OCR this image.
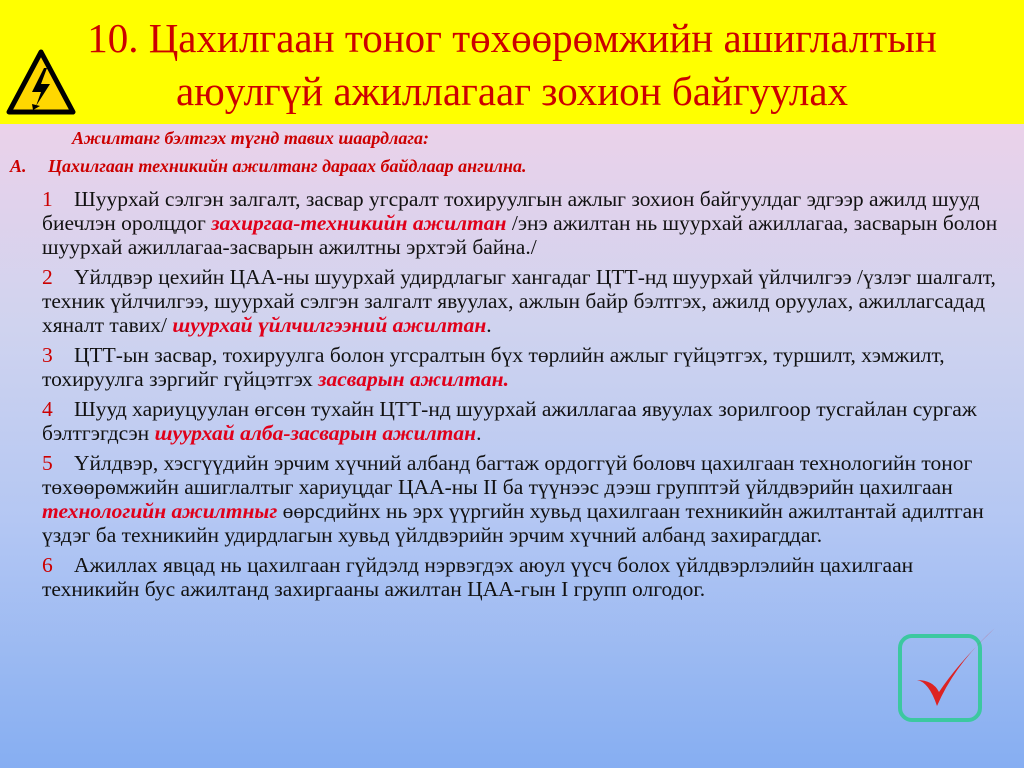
10. Цахилгаан тоног төхөөрөмжийн ашиглалтын
аюулгүй ажиллагааг зохион байгуулах

Ажилтанг бэлтгэх түгнд тавих шаардлага:

А. Цахилгаан техникийн ажилтанг дараах байдлаар ангилна.

1 Шуурхай сэлгэн залгалт, засвар угсралт тохируулгын ажлыг зохион байгуулдаг эдгээр ажилд шууд биечлэн оролцдог захиргаа-техникийн ажилтан /энэ ажилтан нь шуурхай ажиллагаа, засварын болон шуурхай ажиллагаа-засварын ажилтны эрхтэй байна./

2 Үйлдвэр цехийн ЦАА-ны шуурхай удирдлагыг хангадаг ЦТТ-нд шуурхай үйлчилгээ /үзлэг шалгалт, техник үйлчилгээ, шуурхай сэлгэн залгалт явуулах, ажлын байр бэлтгэх, ажилд оруулах, ажиллагсадад хяналт тавих/ шуурхай үйлчилгээний ажилтан.

3 ЦТТ-ын засвар, тохируулга болон угсралтын бүх төрлийн ажлыг гүйцэтгэх, туршилт, хэмжилт, тохируулга зэргийг гүйцэтгэх засварын ажилтан.

4 Шууд хариуцуулан өгсөн тухайн ЦТТ-нд шуурхай ажиллагаа явуулах зорилгоор тусгайлан сургаж бэлтгэгдсэн шуурхай алба-засварын ажилтан.

5 Үйлдвэр, хэсгүүдийн эрчим хүчний албанд багтаж ордоггүй боловч цахилгаан технологийн тоног төхөөрөмжийн ашиглалтыг хариуцдаг ЦАА-ны II ба түүнээс дээш групптэй үйлдвэрийн цахилгаан технологийн ажилтныг өөрсдийнх нь эрх үүргийн хувьд цахилгаан техникийн ажилтантай адилтган үздэг ба техникийн удирдлагын хувьд үйлдвэрийн эрчим хүчний албанд захирагддаг.

6 Ажиллах явцад нь цахилгаан гүйдэлд нэрвэгдэх аюул үүсч болох үйлдвэрлэлийн цахилгаан техникийн бус ажилтанд захиргааны ажилтан ЦАА-гын I групп олгодог.
